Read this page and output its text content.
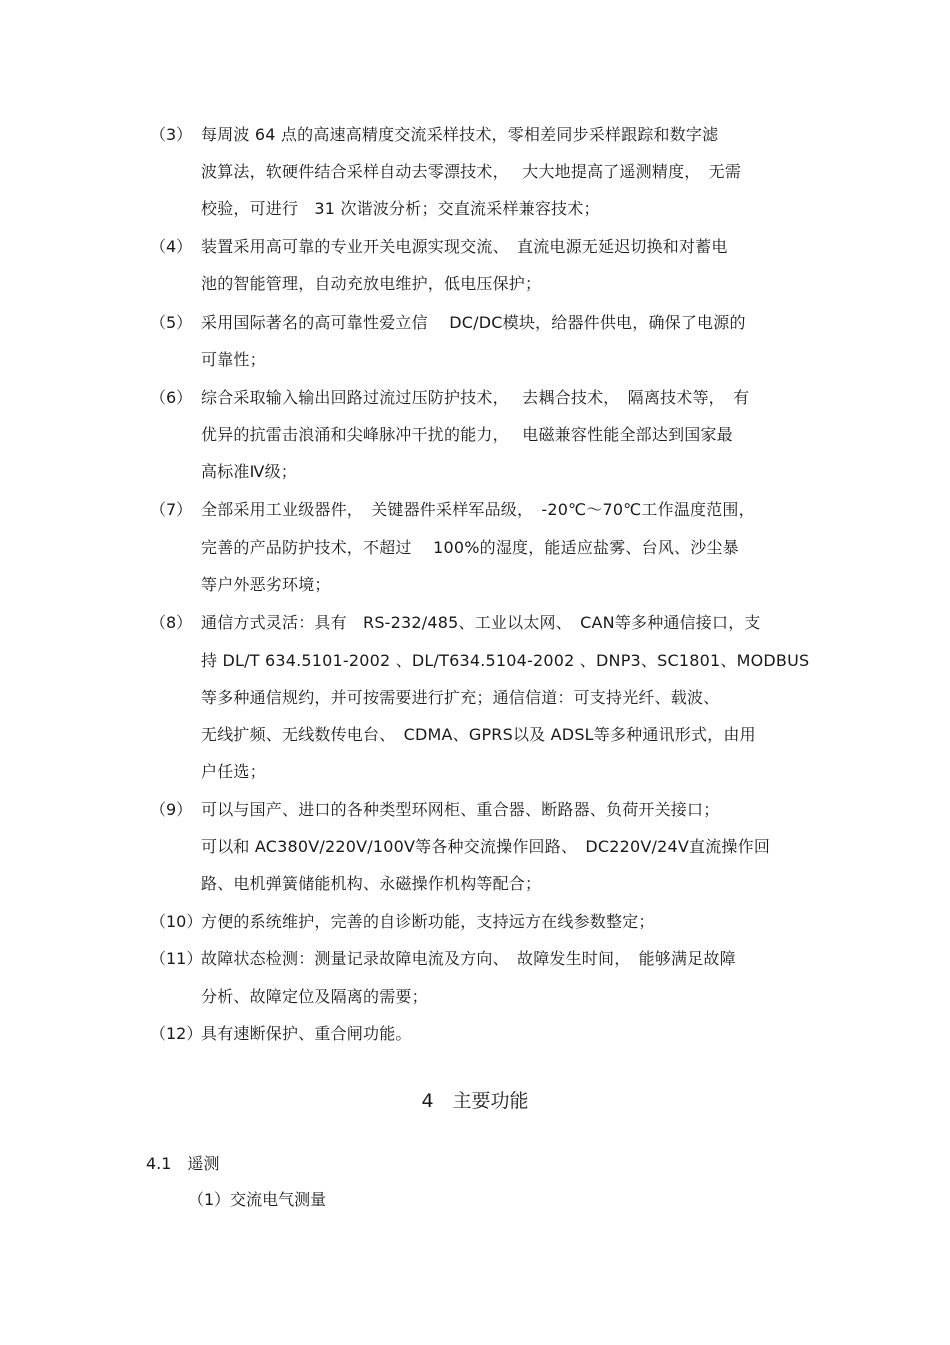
（3） 每周波 64 点的高速高精度交流采样技术，零相差同步采样跟踪和数字滤
波算法，软硬件结合采样自动去零漂技术，　 大大地提高了遥测精度，　无需
校验，可进行　31 次谐波分析；交直流采样兼容技术；
（4） 装置采用高可靠的专业开关电源实现交流、　直流电源无延迟切换和对蓄电
池的智能管理，自动充放电维护，低电压保护；
（5） 采用国际著名的高可靠性爱立信　 DC/DC模块，给器件供电，确保了电源的
可靠性；
（6） 综合采取输入输出回路过流过压防护技术，　 去耦合技术，　隔离技术等，　有
优异的抗雷击浪涌和尖峰脉冲干扰的能力，　 电磁兼容性能全部达到国家最
高标准Ⅳ级；
（7） 全部采用工业级器件，　关键器件采样军品级，　-20℃～70℃工作温度范围，
完善的产品防护技术，不超过　 100%的湿度，能适应盐雾、台风、沙尘暴
等户外恶劣环境；
（8） 通信方式灵活：具有　RS-232/485、工业以太网、　CAN等多种通信接口，支
持 DL/T 634.5101-2002 、DL/T634.5104-2002 、DNP3、SC1801、MODBUS
等多种通信规约，并可按需要进行扩充；通信信道：可支持光纤、载波、
无线扩频、无线数传电台、　CDMA、GPRS以及 ADSL等多种通讯形式，由用
户任选；
（9） 可以与国产、进口的各种类型环网柜、重合器、断路器、负荷开关接口；
可以和 AC380V/220V/100V等各种交流操作回路、　DC220V/24V直流操作回
路、电机弹簧储能机构、永磁操作机构等配合；
（10）
方便的系统维护，完善的自诊断功能，支持远方在线参数整定；
（11）
故障状态检测：测量记录故障电流及方向、　故障发生时间，　能够满足故障
分析、故障定位及隔离的需要；
（12）
具有速断保护、重合闸功能。
4　主要功能
4.1　遥测
（1）交流电气测量
